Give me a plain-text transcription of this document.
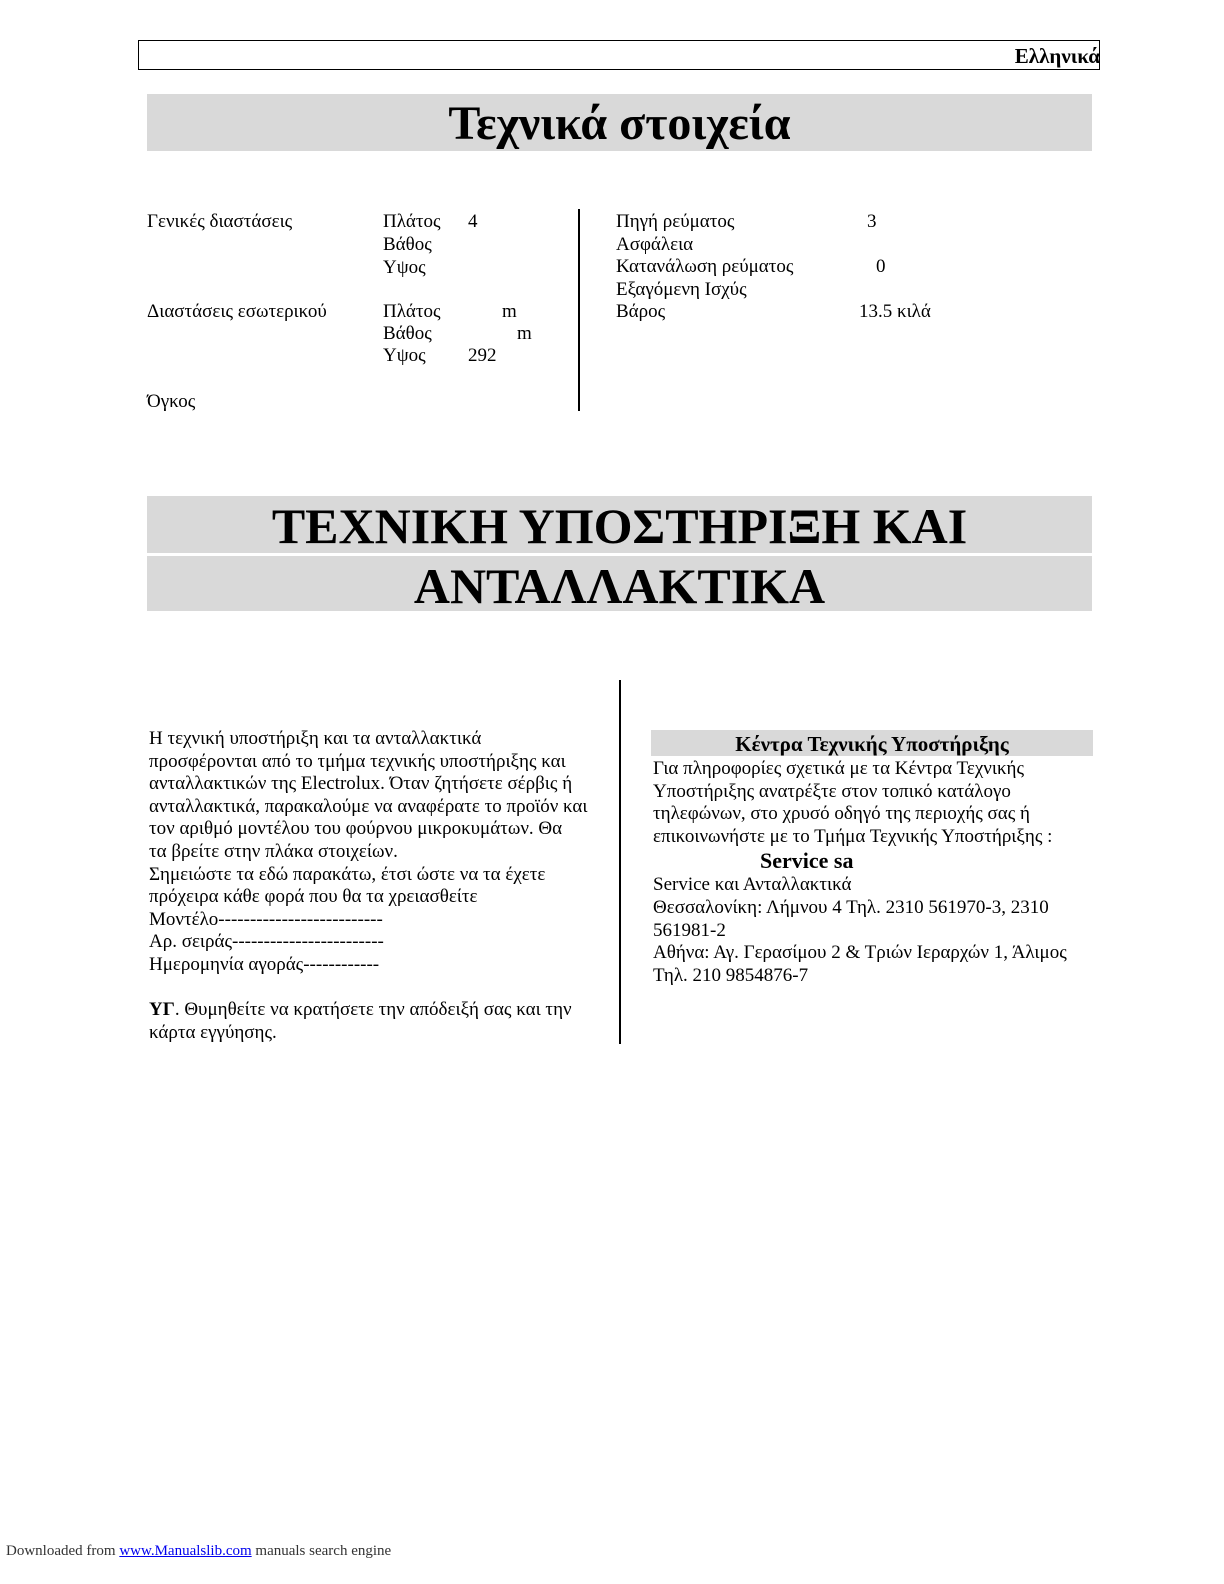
Ελληνικά
Τεχνικά στοιχεία
Γενικές διαστάσεις	Πλάτος 4
Βάθος
Υψος
Διαστάσεις εσωτερικού	Πλάτος	m
Βάθος	m
Υψος 292
Όγκος
Πηγή ρεύματος	3
Ασφάλεια
Κατανάλωση ρεύματος	0
Εξαγόμενη Ισχύς
Βάρος	13.5 κιλά
ΤΕΧΝΙΚΗ ΥΠΟΣΤΗΡΙΞΗ ΚΑΙ
ΑΝΤΑΛΛΑΚΤΙΚΑ
Η τεχνική υποστήριξη και τα ανταλλακτικά
προσφέρονται από το τμήμα τεχνικής υποστήριξης και
ανταλλακτικών της Electrolux. Όταν ζητήσετε σέρβις ή
ανταλλακτικά, παρακαλούμε να αναφέρατε το προϊόν και
τον αριθμό μοντέλου του φούρνου μικροκυμάτων. Θα
τα βρείτε στην πλάκα στοιχείων.
Σημειώστε τα εδώ παρακάτω, έτσι ώστε να τα έχετε
πρόχειρα κάθε φορά που θα τα χρειασθείτε
Μοντέλο--------------------------
Αρ. σειράς------------------------
Ημερομηνία αγοράς------------
ΥΓ. Θυμηθείτε να κρατήσετε την απόδειξή σας και την
κάρτα εγγύησης.
Κέντρα Τεχνικής Υποστήριξης
Για πληροφορίες σχετικά με τα Κέντρα Τεχνικής
Υποστήριξης ανατρέξτε στον τοπικό κατάλογο
τηλεφώνων, στο χρυσό οδηγό της περιοχής σας ή
επικοινωνήστε με το Τμήμα Τεχνικής Υποστήριξης :
Service sa
Service και Ανταλλακτικά
Θεσσαλονίκη: Λήμνου 4 Τηλ. 2310 561970-3, 2310
561981-2
Αθήνα: Αγ. Γερασίμου 2 & Τριών Ιεραρχών 1, Άλιμος
Τηλ. 210 9854876-7
Downloaded from www.Manualslib.com manuals search engine
